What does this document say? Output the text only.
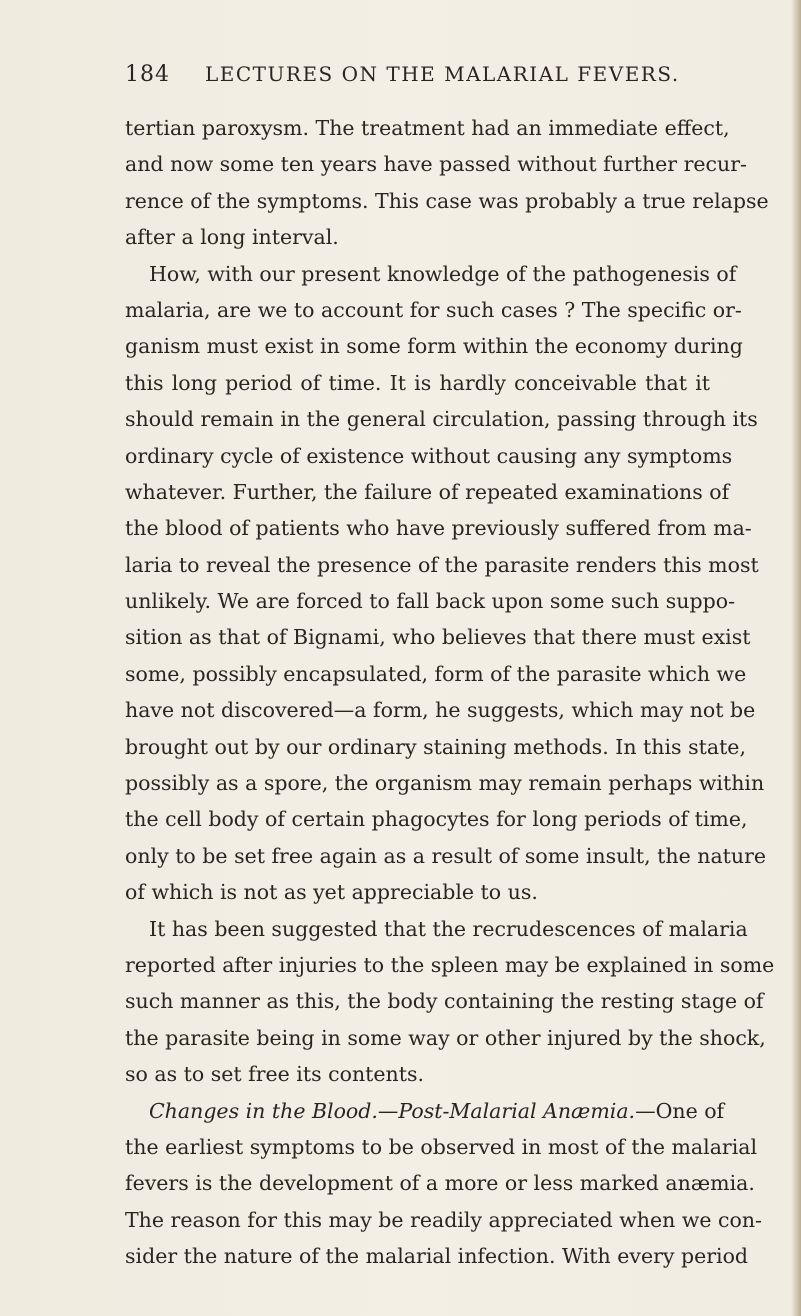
184 LECTURES ON THE MALARIAL FEVERS.
tertian paroxysm. The treatment had an immediate effect,
and now some ten years have passed without further recur-
rence of the symptoms. This case was probably a true relapse
after a long interval.
How, with our present knowledge of the pathogenesis of
malaria, are we to account for such cases ? The specific or-
ganism must exist in some form within the economy during
this long period of time. It is hardly conceivable that it
should remain in the general circulation, passing through its
ordinary cycle of existence without causing any symptoms
whatever. Further, the failure of repeated examinations of
the blood of patients who have previously suffered from ma-
laria to reveal the presence of the parasite renders this most
unlikely. We are forced to fall back upon some such suppo-
sition as that of Bignami, who believes that there must exist
some, possibly encapsulated, form of the parasite which we
have not discovered—a form, he suggests, which may not be
brought out by our ordinary staining methods. In this state,
possibly as a spore, the organism may remain perhaps within
the cell body of certain phagocytes for long periods of time,
only to be set free again as a result of some insult, the nature
of which is not as yet appreciable to us.
It has been suggested that the recrudescences of malaria
reported after injuries to the spleen may be explained in some
such manner as this, the body containing the resting stage of
the parasite being in some way or other injured by the shock,
so as to set free its contents.
Changes in the Blood.—Post-Malarial Anæmia.—One of
the earliest symptoms to be observed in most of the malarial
fevers is the development of a more or less marked anæmia.
The reason for this may be readily appreciated when we con-
sider the nature of the malarial infection. With every period
